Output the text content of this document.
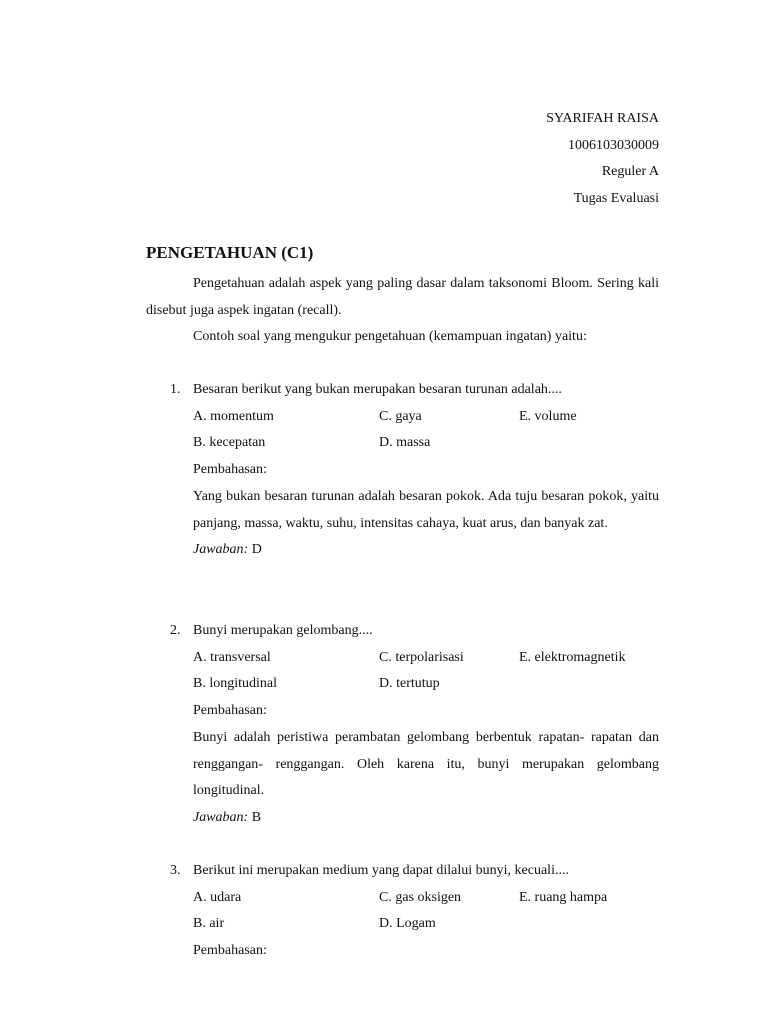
SYARIFAH RAISA
1006103030009
Reguler A
Tugas Evaluasi
PENGETAHUAN (C1)

Pengetahuan adalah aspek yang paling dasar dalam taksonomi Bloom. Sering kali disebut juga aspek ingatan (recall).

Contoh soal yang mengukur pengetahuan (kemampuan ingatan) yaitu:

1. Besaran berikut yang bukan merupakan besaran turunan adalah....
A. momentum	C. gaya	E. volume
B. kecepatan	D. massa

Pembahasan:

Yang bukan besaran turunan adalah besaran pokok. Ada tuju besaran pokok, yaitu panjang, massa, waktu, suhu, intensitas cahaya, kuat arus, dan banyak zat.

Jawaban: D

2. Bunyi merupakan gelombang....
A. transversal	C. terpolarisasi	E. elektromagnetik
B. longitudinal	D. tertutup

Pembahasan:

Bunyi adalah peristiwa perambatan gelombang berbentuk rapatan- rapatan dan renggangan- renggangan. Oleh karena itu, bunyi merupakan gelombang longitudinal.

Jawaban: B

3. Berikut ini merupakan medium yang dapat dilalui bunyi, kecuali....
A. udara	C. gas oksigen	E. ruang hampa
B. air	D. Logam

Pembahasan:
